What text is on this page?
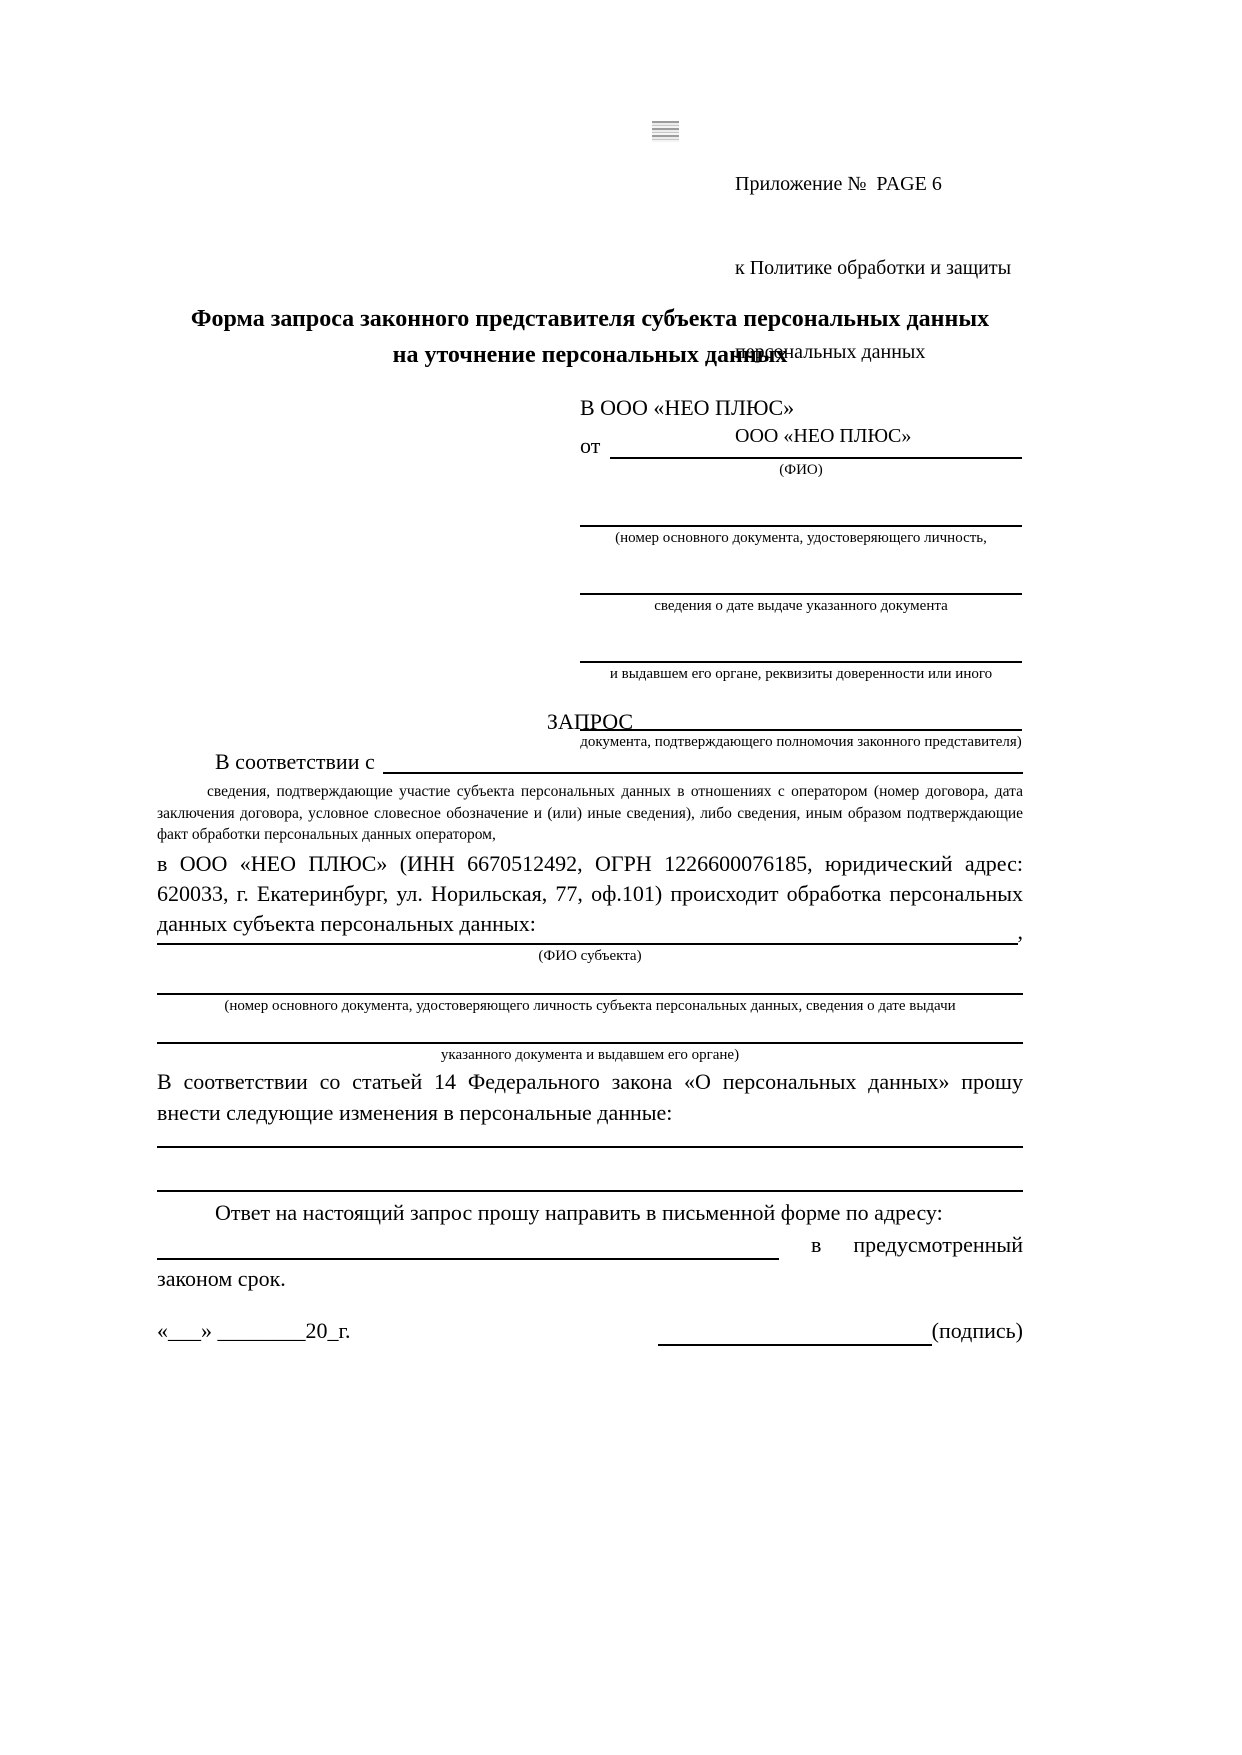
Приложение №  PAGE 6

к Политике обработки и защиты

персональных данных

ООО «НЕО ПЛЮС»

Форма запроса законного представителя субъекта персональных данных
на уточнение персональных данных
В ООО «НЕО ПЛЮС»
от
(ФИО)
(номер основного документа, удостоверяющего личность,
сведения о дате выдаче указанного документа
и выдавшем его органе, реквизиты доверенности или иного
документа, подтверждающего полномочия законного представителя)
ЗАПРОС
В соответствии с
сведения, подтверждающие участие субъекта персональных данных в отношениях с оператором (номер договора, дата заключения договора, условное словесное обозначение и (или) иные сведения), либо сведения, иным образом подтверждающие факт обработки персональных данных оператором,
в ООО «НЕО ПЛЮС» (ИНН 6670512492, ОГРН 1226600076185, юридический адрес: 620033, г. Екатеринбург, ул. Норильская, 77, оф.101) происходит обработка персональных данных субъекта персональных данных:	,
(ФИО субъекта)
(номер основного документа, удостоверяющего личность субъекта персональных данных, сведения о дате выдачи
указанного документа и выдавшем его органе)
В соответствии со статьей 14 Федерального закона «О персональных данных» прошу внести следующие изменения в персональные данные:
Ответ на настоящий запрос прошу направить в письменной форме по адресу:
в предусмотренный
законом срок.
«___» ________20_г.	(подпись)
